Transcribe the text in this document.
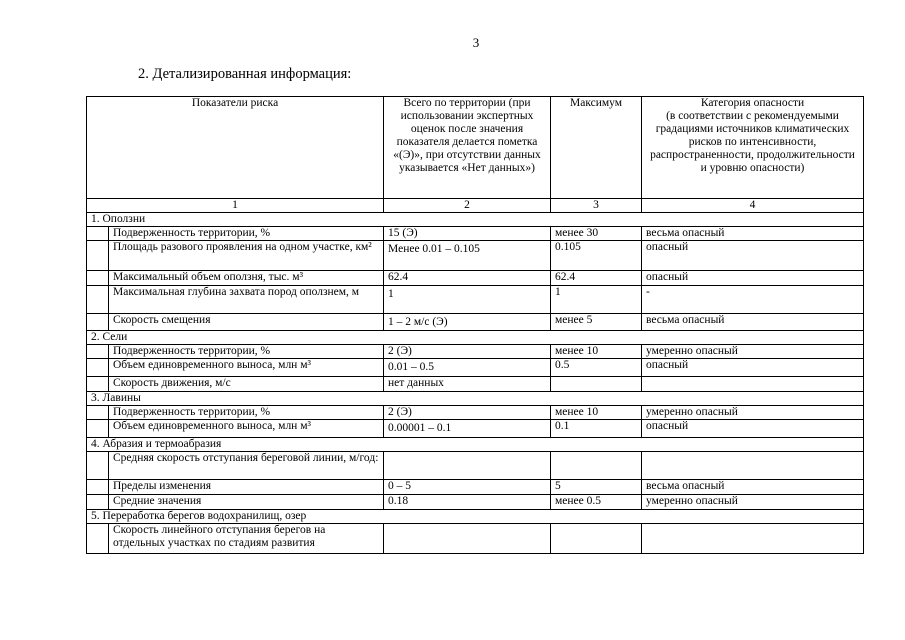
3
2. Детализированная информация:
Показатели риска		Всего по территории (при использовании экспертных оценок после значения показателя делается пометка «(Э)», при отсутствии данных указывается «Нет данных»)	Максимум	Категория опасности
(в соответствии с рекомендуемыми градациями источников климатических рисков по интенсивности, распространенности, продолжительности
и уровню опасности)
1		2	3	4
1. Оползни				
	Подверженность территории, %	15 (Э)	менее 30	весьма опасный
	Площадь разового проявления на одном участке, км²	Менее 0.01 – 0.105	0.105	опасный
	Максимальный объем оползня, тыс. м³	62.4	62.4	опасный
	Максимальная глубина захвата пород оползнем, м	1	1	-
	Скорость смещения	1 – 2 м/с (Э)	менее 5	весьма опасный
2. Сели				
	Подверженность территории, %	2 (Э)	менее 10	умеренно опасный
	Объем единовременного выноса, млн м³	0.01 – 0.5	0.5	опасный
	Скорость движения, м/с	нет данных		
3. Лавины				
	Подверженность территории, %	2 (Э)	менее 10	умеренно опасный
	Объем единовременного выноса, млн м³	0.00001 – 0.1	0.1	опасный
4. Абразия и термоабразия				
	Средняя скорость отступания береговой линии, м/год:			
	Пределы изменения	0 – 5	5	весьма опасный
	Средние значения	0.18	менее 0.5	умеренно опасный
5. Переработка берегов водохранилищ, озер				
	Скорость линейного отступания берегов на отдельных участках по стадиям развития			
